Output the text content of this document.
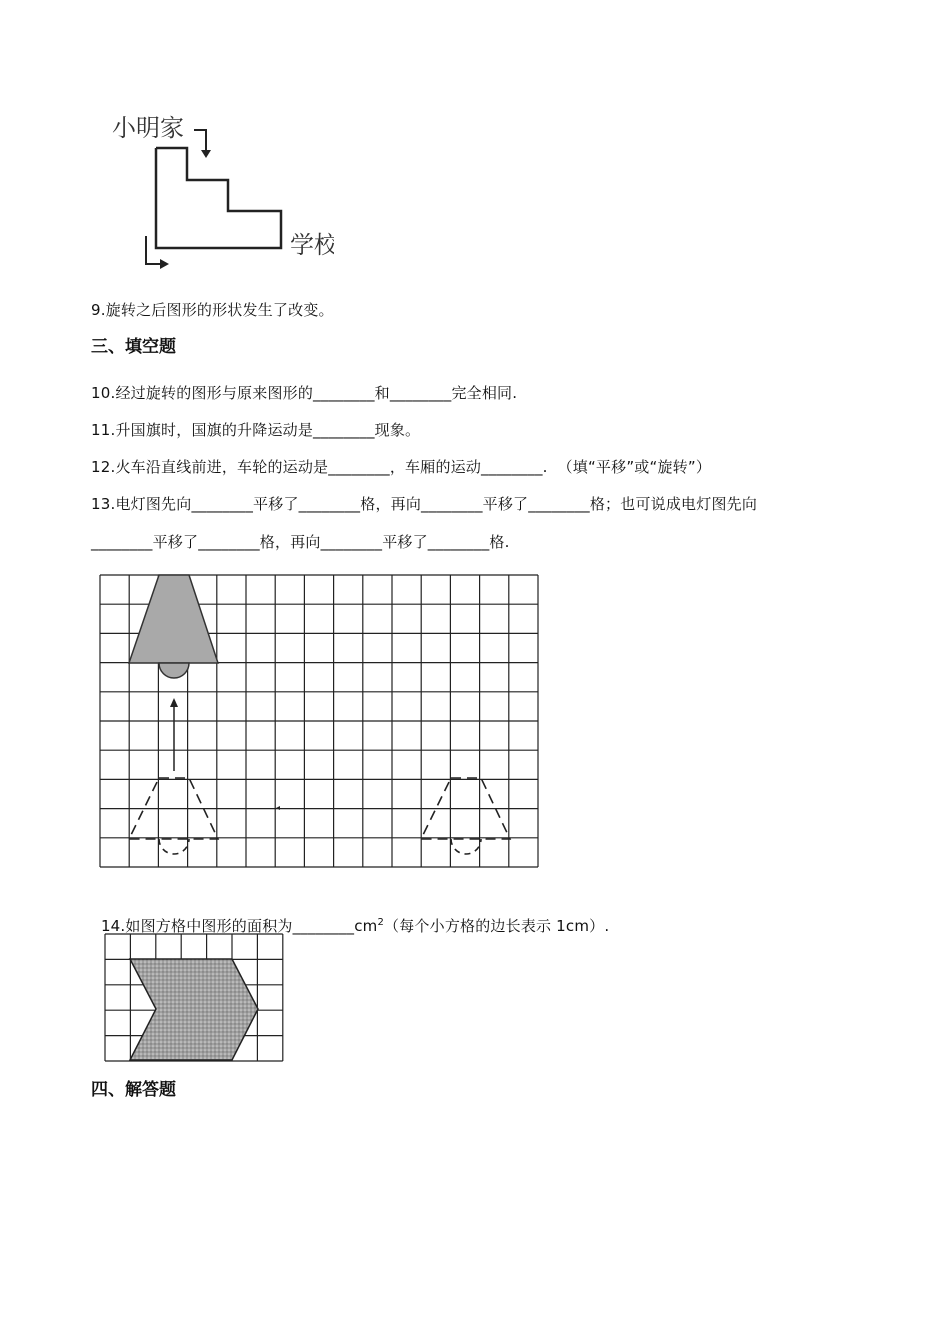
小明家
学校
9.旋转之后图形的形状发生了改变。
三、填空题
10.经过旋转的图形与原来图形的________和________完全相同.
11.升国旗时，国旗的升降运动是________现象。
12.火车沿直线前进，车轮的运动是________，车厢的运动________.  （填“平移”或“旋转”）
13.电灯图先向________平移了________格，再向________平移了________格；也可说成电灯图先向
________平移了________格，再向________平移了________格.

14.如图方格中图形的面积为$\_\_\_\_\_\_\_\_cm^2$（每个小方格的边长表示 1cm）.

四、解答题
